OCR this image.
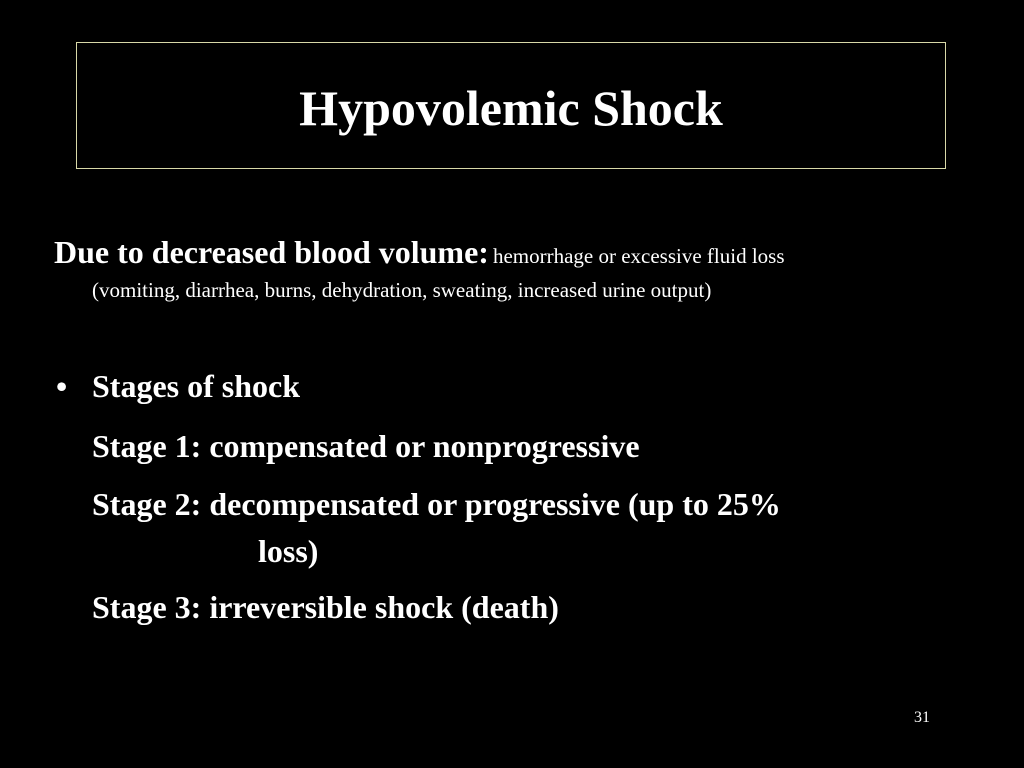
Hypovolemic Shock
Due to decreased blood volume: hemorrhage or excessive fluid loss
(vomiting, diarrhea, burns, dehydration, sweating, increased urine output)
• Stages of shock
Stage 1: compensated or nonprogressive
Stage 2: decompensated or progressive (up to 25%
loss)
Stage 3: irreversible shock (death)
31
